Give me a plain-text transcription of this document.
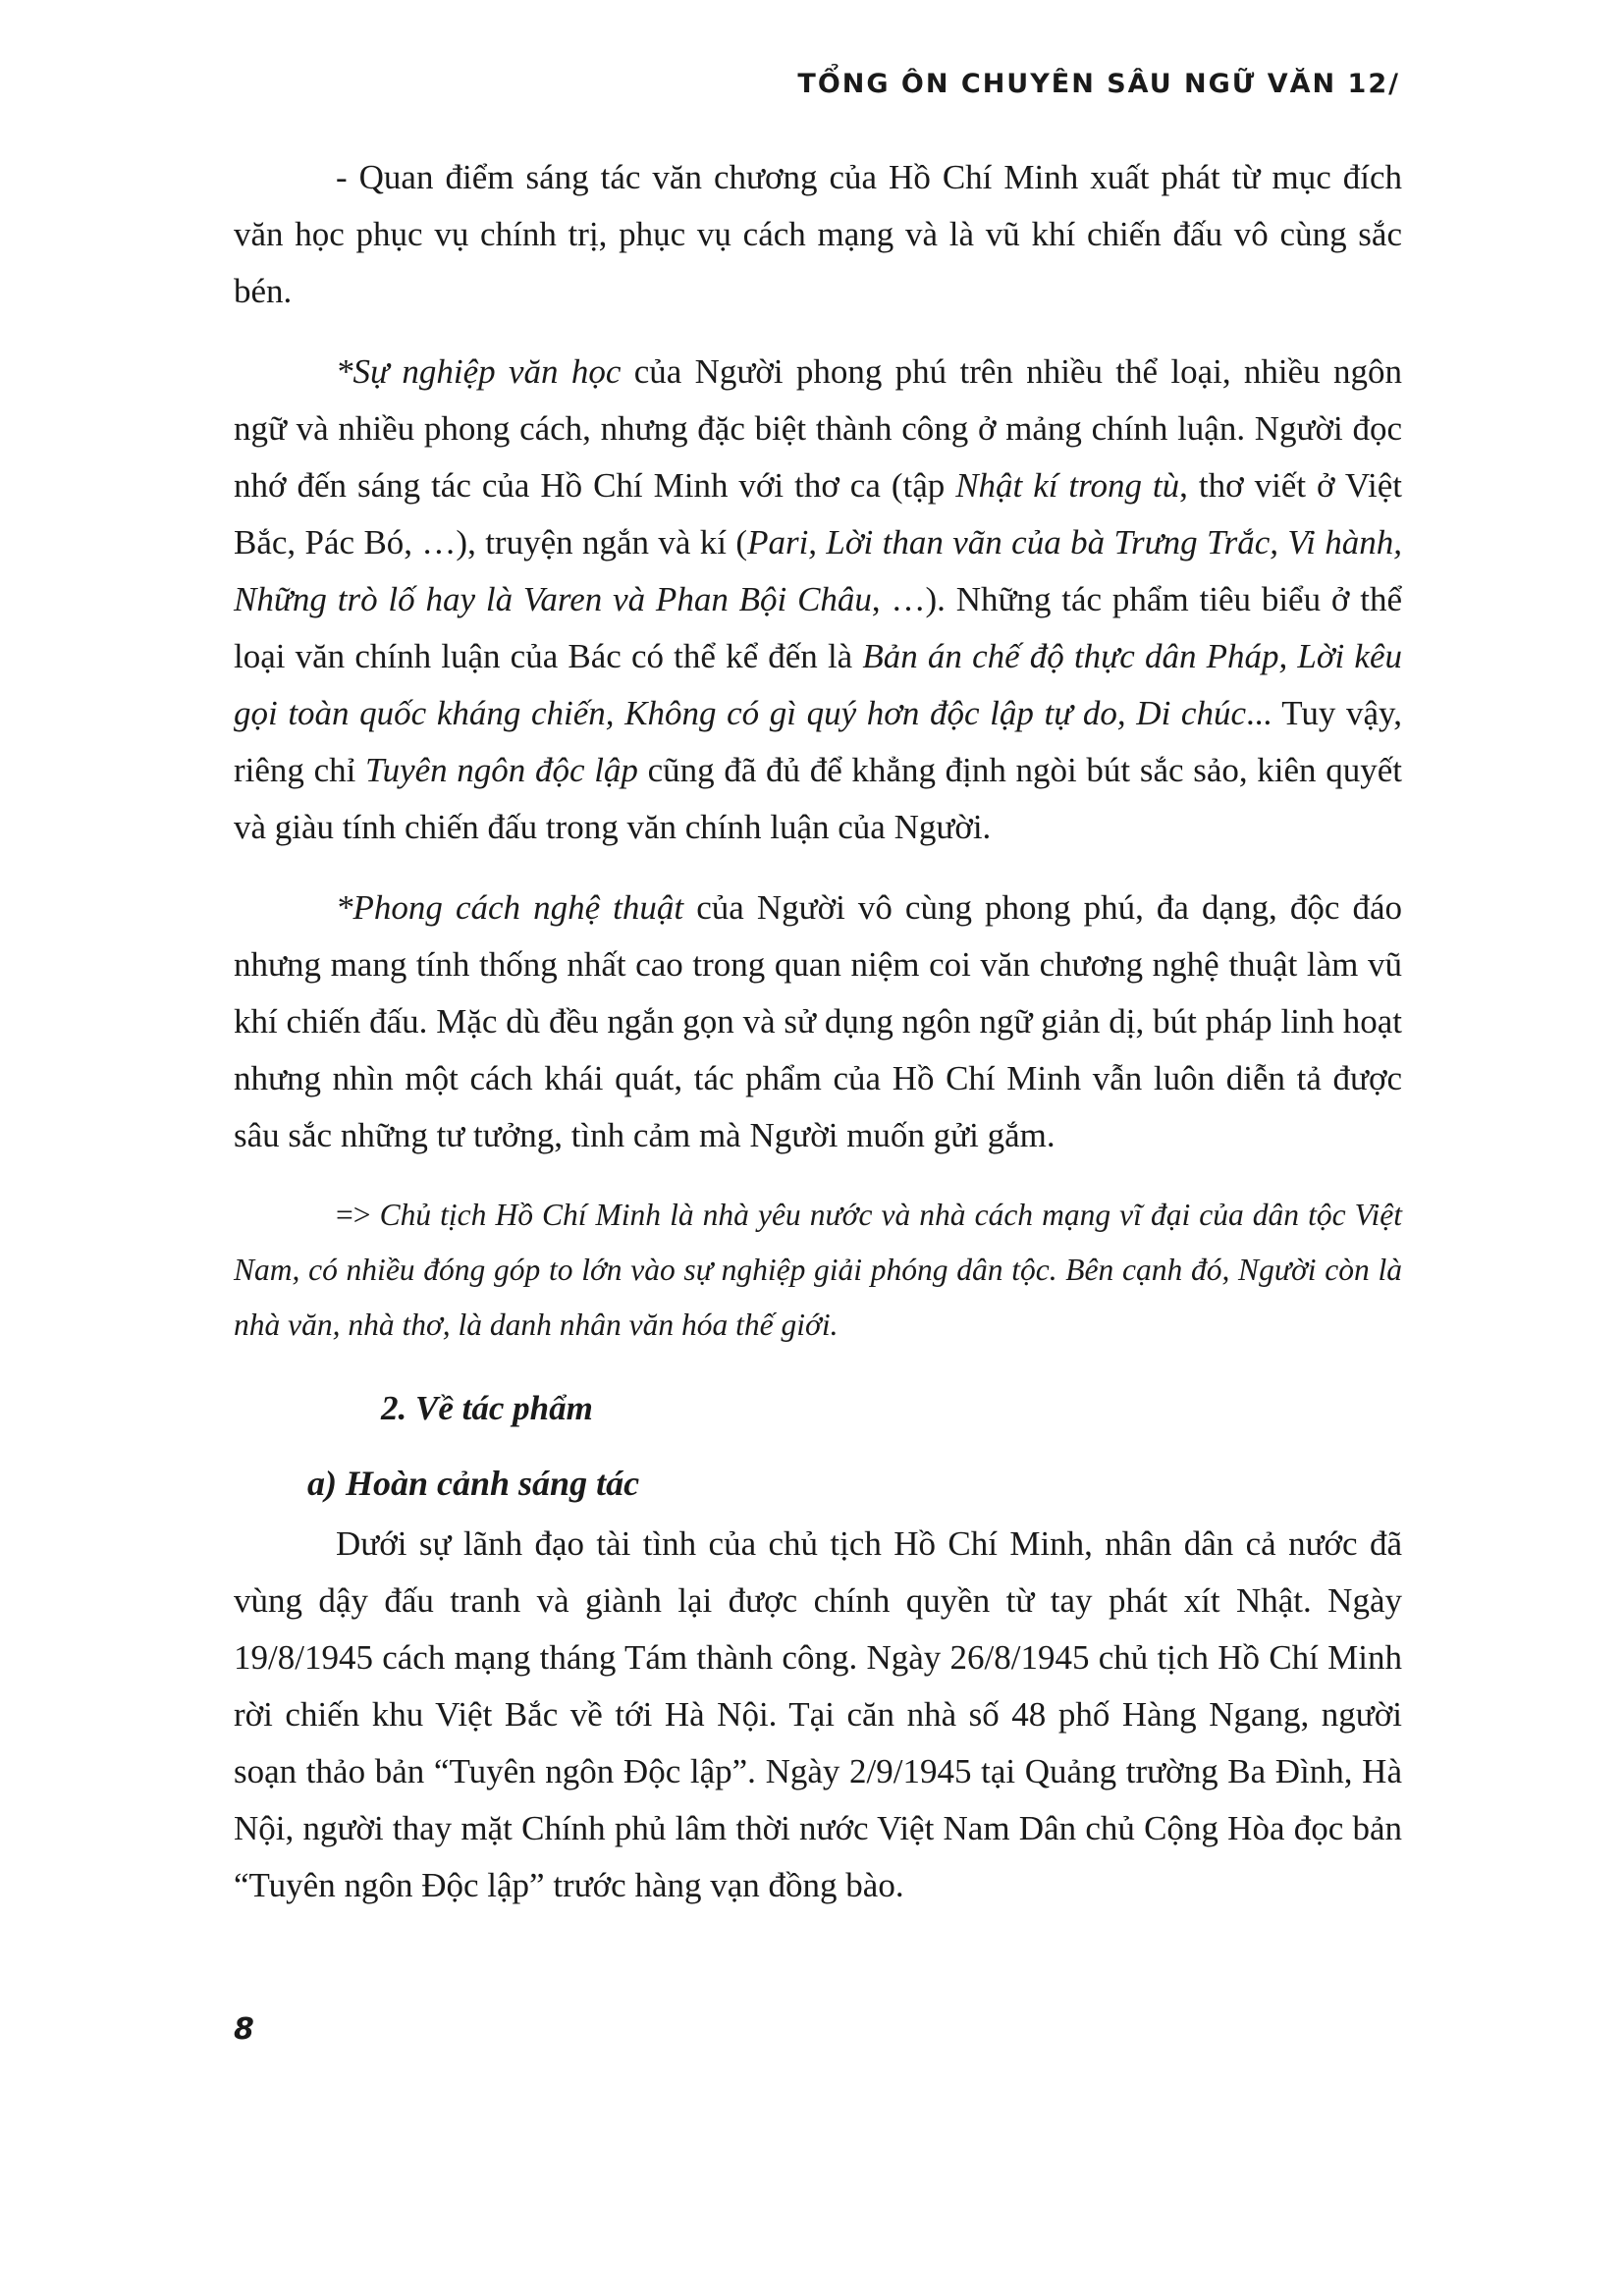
TỔNG ÔN CHUYÊN SÂU NGỮ VĂN 12/

- Quan điểm sáng tác văn chương của Hồ Chí Minh xuất phát từ mục đích văn học phục vụ chính trị, phục vụ cách mạng và là vũ khí chiến đấu vô cùng sắc bén.

*Sự nghiệp văn học của Người phong phú trên nhiều thể loại, nhiều ngôn ngữ và nhiều phong cách, nhưng đặc biệt thành công ở mảng chính luận. Người đọc nhớ đến sáng tác của Hồ Chí Minh với thơ ca (tập Nhật kí trong tù, thơ viết ở Việt Bắc, Pác Bó, …), truyện ngắn và kí (Pari, Lời than vãn của bà Trưng Trắc, Vi hành, Những trò lố hay là Varen và Phan Bội Châu, …). Những tác phẩm tiêu biểu ở thể loại văn chính luận của Bác có thể kể đến là Bản án chế độ thực dân Pháp, Lời kêu gọi toàn quốc kháng chiến, Không có gì quý hơn độc lập tự do, Di chúc... Tuy vậy, riêng chỉ Tuyên ngôn độc lập cũng đã đủ để khẳng định ngòi bút sắc sảo, kiên quyết và giàu tính chiến đấu trong văn chính luận của Người.

*Phong cách nghệ thuật của Người vô cùng phong phú, đa dạng, độc đáo nhưng mang tính thống nhất cao trong quan niệm coi văn chương nghệ thuật làm vũ khí chiến đấu. Mặc dù đều ngắn gọn và sử dụng ngôn ngữ giản dị, bút pháp linh hoạt nhưng nhìn một cách khái quát, tác phẩm của Hồ Chí Minh vẫn luôn diễn tả được sâu sắc những tư tưởng, tình cảm mà Người muốn gửi gắm.

=> Chủ tịch Hồ Chí Minh là nhà yêu nước và nhà cách mạng vĩ đại của dân tộc Việt Nam, có nhiều đóng góp to lớn vào sự nghiệp giải phóng dân tộc. Bên cạnh đó, Người còn là nhà văn, nhà thơ, là danh nhân văn hóa thế giới.

2. Về tác phẩm
a) Hoàn cảnh sáng tác

Dưới sự lãnh đạo tài tình của chủ tịch Hồ Chí Minh, nhân dân cả nước đã vùng dậy đấu tranh và giành lại được chính quyền từ tay phát xít Nhật. Ngày 19/8/1945 cách mạng tháng Tám thành công. Ngày 26/8/1945 chủ tịch Hồ Chí Minh rời chiến khu Việt Bắc về tới Hà Nội. Tại căn nhà số 48 phố Hàng Ngang, người soạn thảo bản “Tuyên ngôn Độc lập”. Ngày 2/9/1945 tại Quảng trường Ba Đình, Hà Nội, người thay mặt Chính phủ lâm thời nước Việt Nam Dân chủ Cộng Hòa đọc bản “Tuyên ngôn Độc lập” trước hàng vạn đồng bào.

8
